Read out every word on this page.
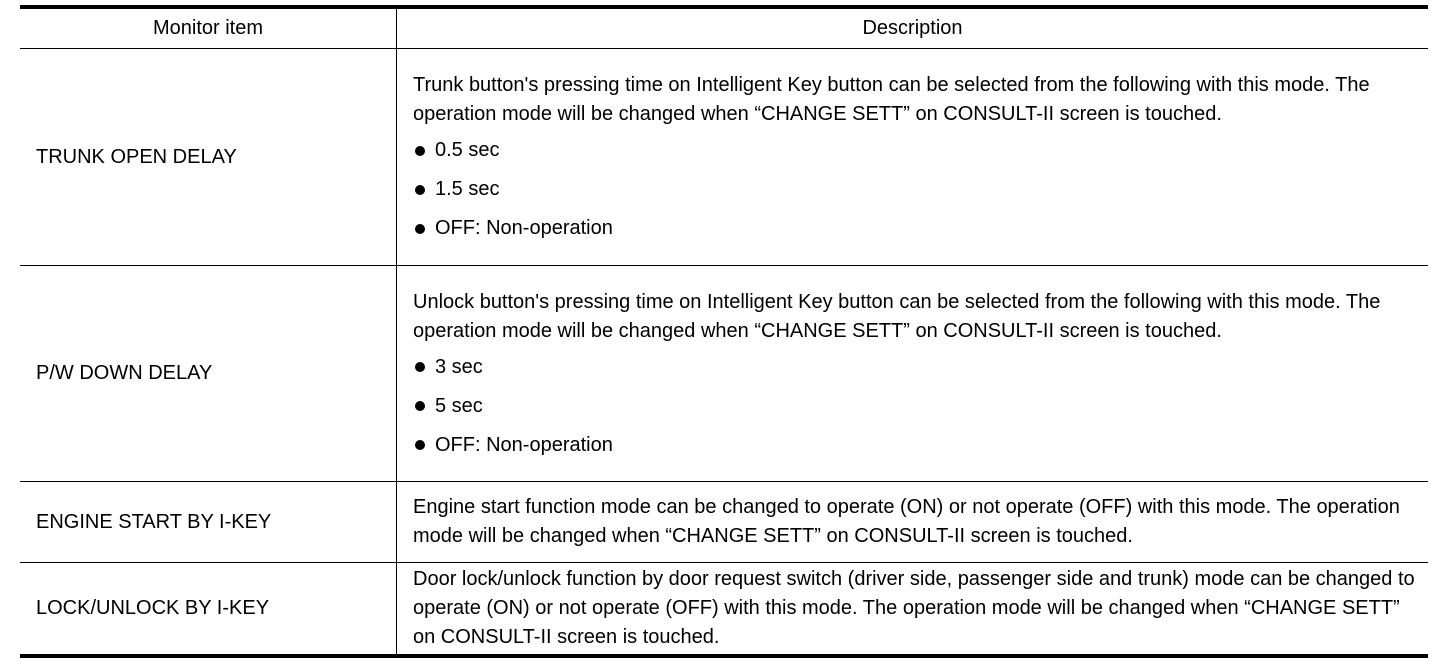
Monitor item	Description
TRUNK OPEN DELAY
Trunk button's pressing time on Intelligent Key button can be selected from the following with this mode. The operation mode will be changed when “CHANGE SETT” on CONSULT-II screen is touched.
0.5 sec
1.5 sec
OFF: Non-operation
P/W DOWN DELAY
Unlock button's pressing time on Intelligent Key button can be selected from the following with this mode. The operation mode will be changed when “CHANGE SETT” on CONSULT-II screen is touched.
3 sec
5 sec
OFF: Non-operation
ENGINE START BY I-KEY
Engine start function mode can be changed to operate (ON) or not operate (OFF) with this mode. The operation mode will be changed when “CHANGE SETT” on CONSULT-II screen is touched.
LOCK/UNLOCK BY I-KEY
Door lock/unlock function by door request switch (driver side, passenger side and trunk) mode can be changed to operate (ON) or not operate (OFF) with this mode. The operation mode will be changed when “CHANGE SETT” on CONSULT-II screen is touched.
